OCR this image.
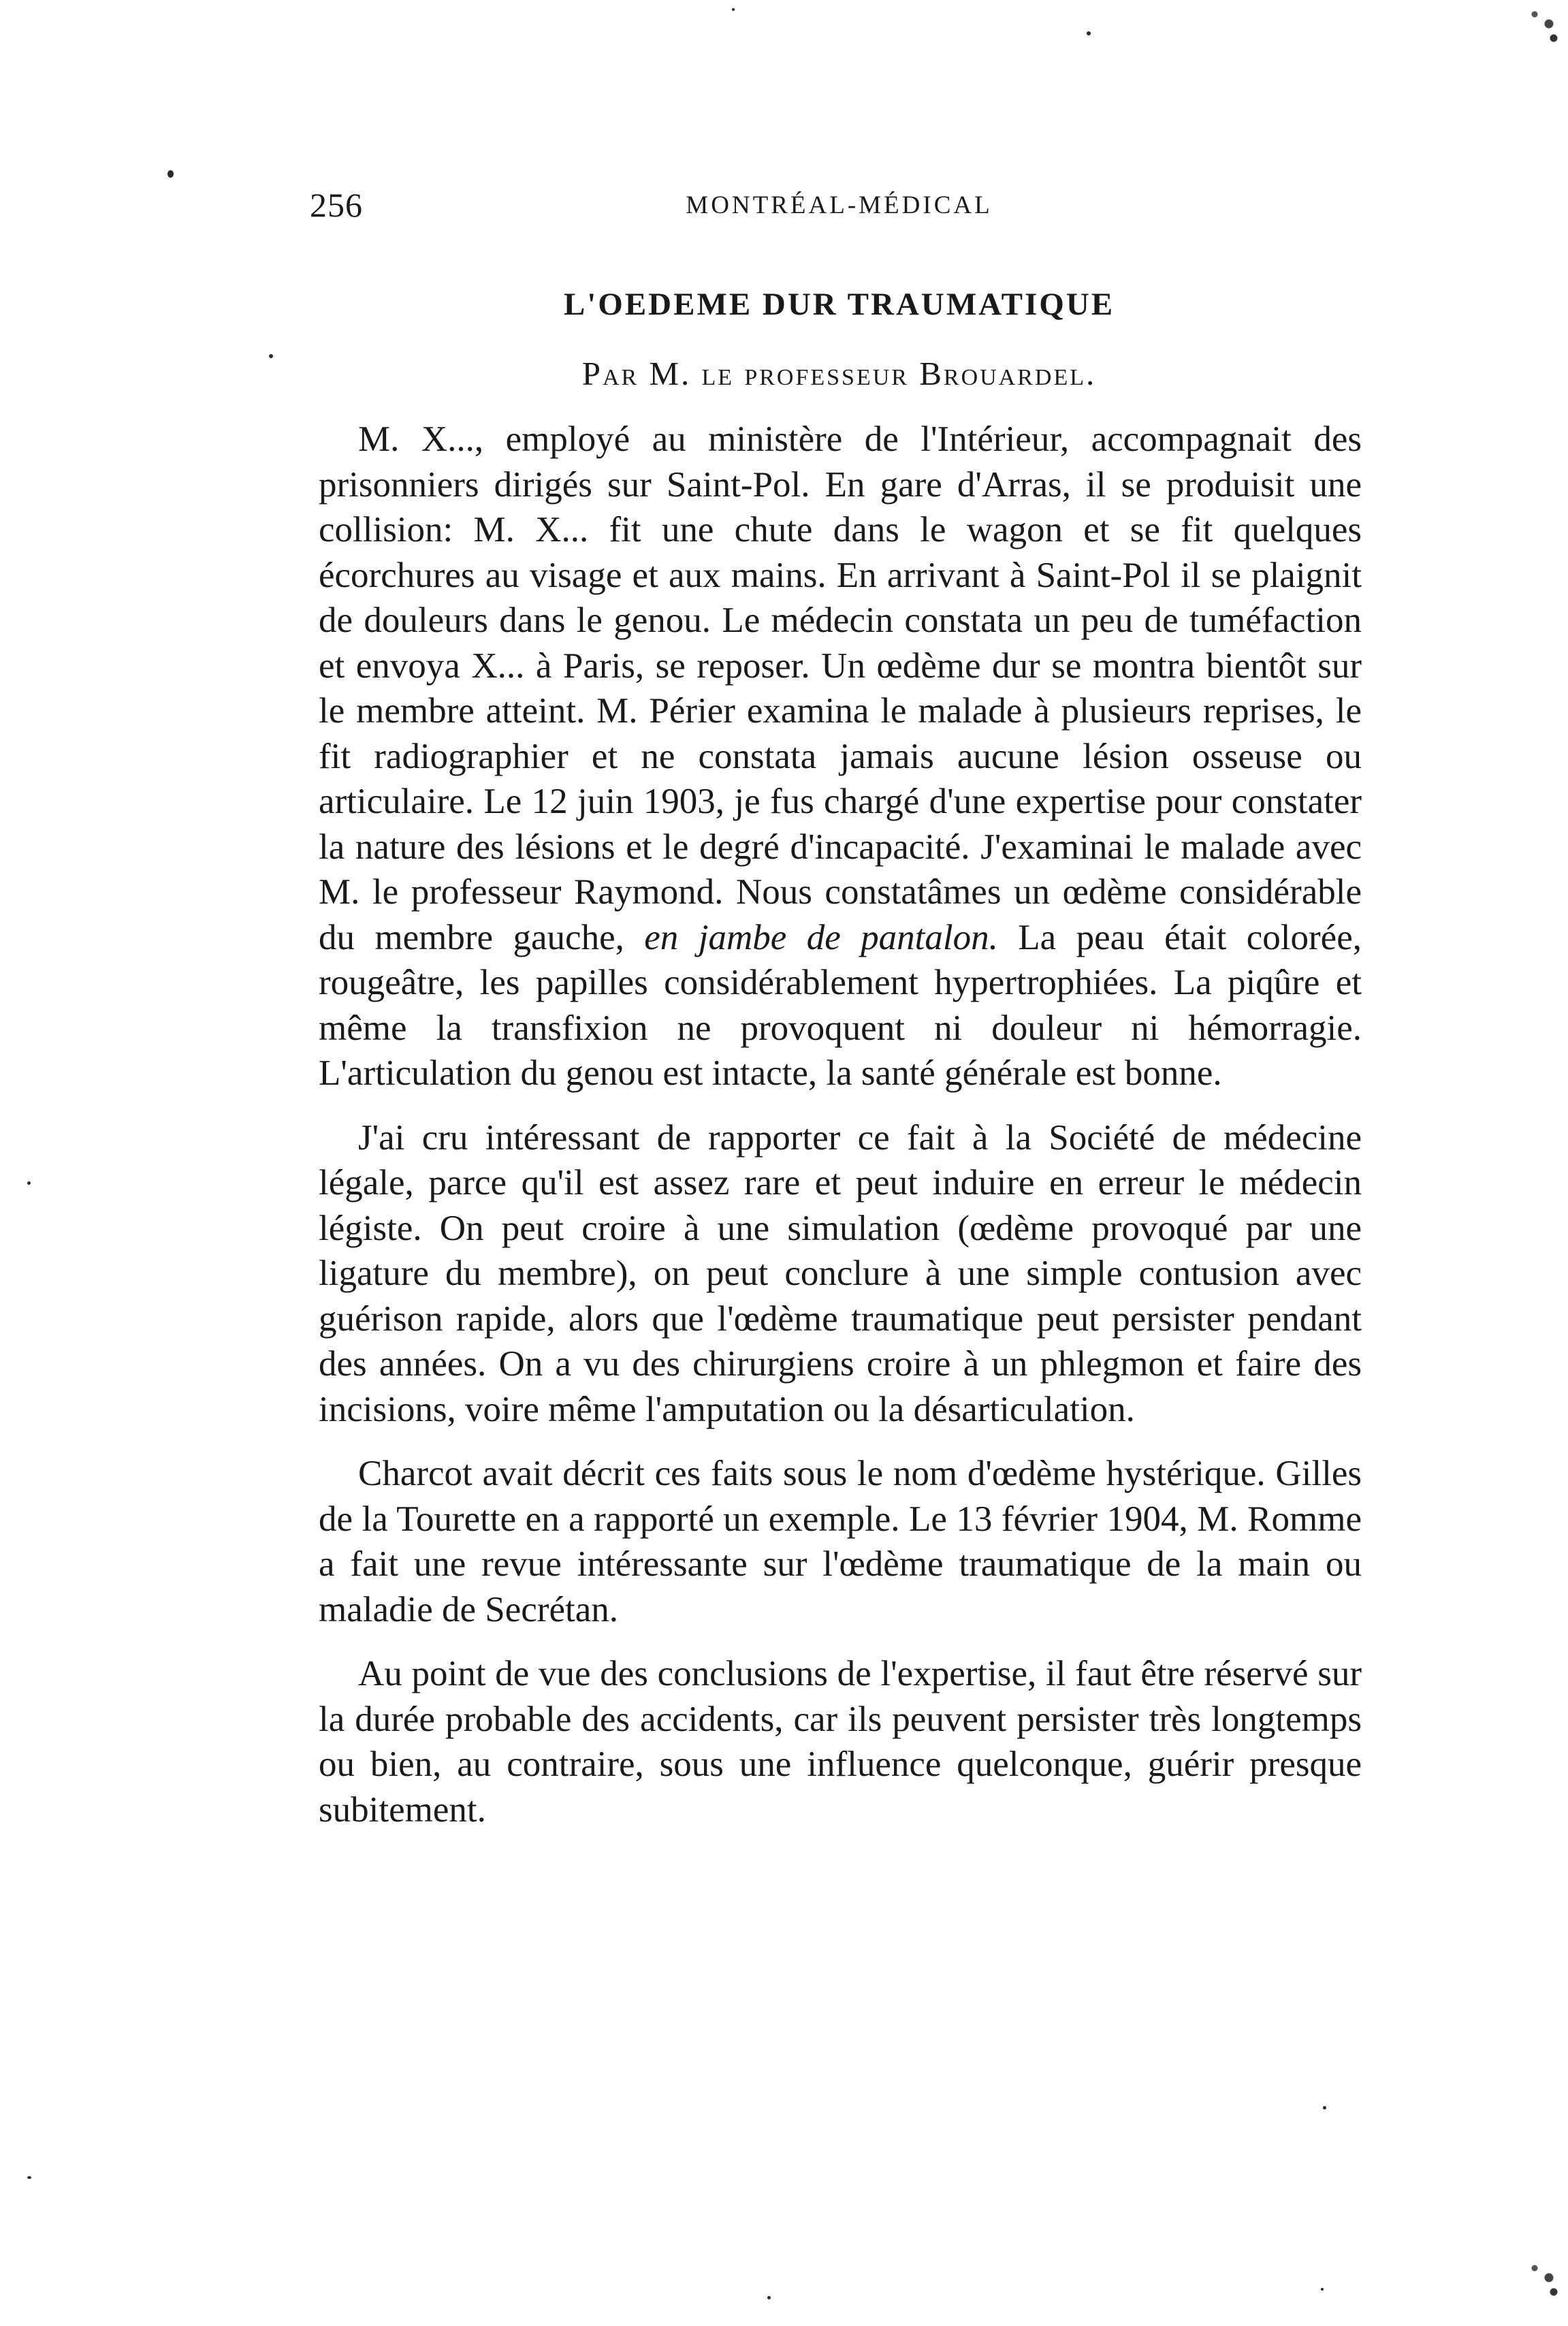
256	MONTRÉAL-MÉDICAL
L'OEDEME DUR TRAUMATIQUE
Par M. le professeur Brouardel.

M. X..., employé au ministère de l'Intérieur, accompagnait des prisonniers dirigés sur Saint-Pol. En gare d'Arras, il se produisit une collision: M. X... fit une chute dans le wagon et se fit quelques écorchures au visage et aux mains. En arrivant à Saint-Pol il se plaignit de douleurs dans le genou. Le médecin constata un peu de tuméfaction et envoya X... à Paris, se reposer. Un œdème dur se montra bientôt sur le membre atteint. M. Périer examina le malade à plusieurs reprises, le fit radiographier et ne constata jamais aucune lésion osseuse ou articulaire. Le 12 juin 1903, je fus chargé d'une expertise pour constater la nature des lésions et le degré d'incapacité. J'examinai le malade avec M. le professeur Raymond. Nous constatâmes un œdème considérable du membre gauche, en jambe de pantalon. La peau était colorée, rougeâtre, les papilles considérablement hypertrophiées. La piqûre et même la transfixion ne provoquent ni douleur ni hémorragie. L'articulation du genou est intacte, la santé générale est bonne.

J'ai cru intéressant de rapporter ce fait à la Société de médecine légale, parce qu'il est assez rare et peut induire en erreur le médecin légiste. On peut croire à une simulation (œdème provoqué par une ligature du membre), on peut conclure à une simple contusion avec guérison rapide, alors que l'œdème traumatique peut persister pendant des années. On a vu des chirurgiens croire à un phlegmon et faire des incisions, voire même l'amputation ou la désarticulation.

Charcot avait décrit ces faits sous le nom d'œdème hystérique. Gilles de la Tourette en a rapporté un exemple. Le 13 février 1904, M. Romme a fait une revue intéressante sur l'œdème traumatique de la main ou maladie de Secrétan.

Au point de vue des conclusions de l'expertise, il faut être réservé sur la durée probable des accidents, car ils peuvent persister très longtemps ou bien, au contraire, sous une influence quelconque, guérir presque subitement.
